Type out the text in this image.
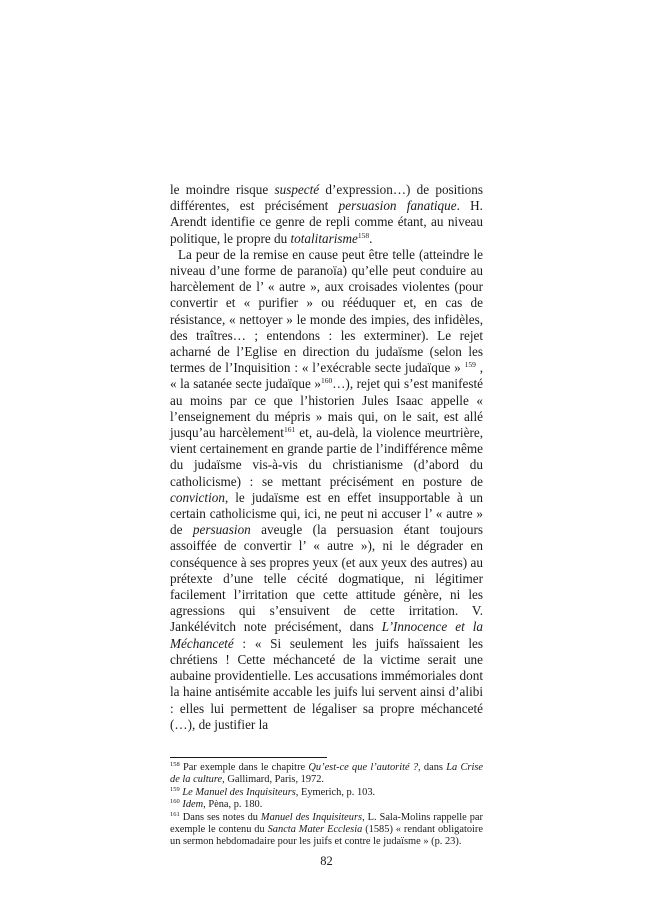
le moindre risque suspecté d’expression…) de positions différentes, est précisément persuasion fanatique. H. Arendt identifie ce genre de repli comme étant, au niveau politique, le propre du totalitarisme$^{158}$.

La peur de la remise en cause peut être telle (atteindre le niveau d’une forme de paranoïa) qu’elle peut conduire au harcèlement de l’ « autre », aux croisades violentes (pour convertir et « purifier » ou rééduquer et, en cas de résistance, « nettoyer » le monde des impies, des infidèles, des traîtres… ; entendons : les exterminer). Le rejet acharné de l’Eglise en direction du judaïsme (selon les termes de l’Inquisition : « l’exécrable secte judaïque » $^{159}$ , « la satanée secte judaïque »$^{160}$…), rejet qui s’est manifesté au moins par ce que l’historien Jules Isaac appelle « l’enseignement du mépris » mais qui, on le sait, est allé jusqu’au harcèlement$^{161}$ et, au-delà, la violence meurtrière, vient certainement en grande partie de l’indifférence même du judaïsme vis-à-vis du christianisme (d’abord du catholicisme) : se mettant précisément en posture de conviction, le judaïsme est en effet insupportable à un certain catholicisme qui, ici, ne peut ni accuser l’ « autre » de persuasion aveugle (la persuasion étant toujours assoiffée de convertir l’ « autre »), ni le dégrader en conséquence à ses propres yeux (et aux yeux des autres) au prétexte d’une telle cécité dogmatique, ni légitimer facilement l’irritation que cette attitude génère, ni les agressions qui s’ensuivent de cette irritation. V. Jankélévitch note précisément, dans L’Innocence et la Méchanceté : « Si seulement les juifs haïssaient les chrétiens ! Cette méchanceté de la victime serait une aubaine providentielle. Les accusations immémoriales dont la haine antisémite accable les juifs lui servent ainsi d’alibi : elles lui permettent de légaliser sa propre méchanceté (…), de justifier la

$^{158}$ Par exemple dans le chapitre Qu’est-ce que l’autorité ?, dans La Crise de la culture, Gallimard, Paris, 1972.

$^{159}$ Le Manuel des Inquisiteurs, Eymerich, p. 103.

$^{160}$ Idem, Pèna, p. 180.

$^{161}$ Dans ses notes du Manuel des Inquisiteurs, L. Sala-Molins rappelle par exemple le contenu du Sancta Mater Ecclesia (1585) « rendant obligatoire un sermon hebdomadaire pour les juifs et contre le judaïsme » (p. 23).

82
